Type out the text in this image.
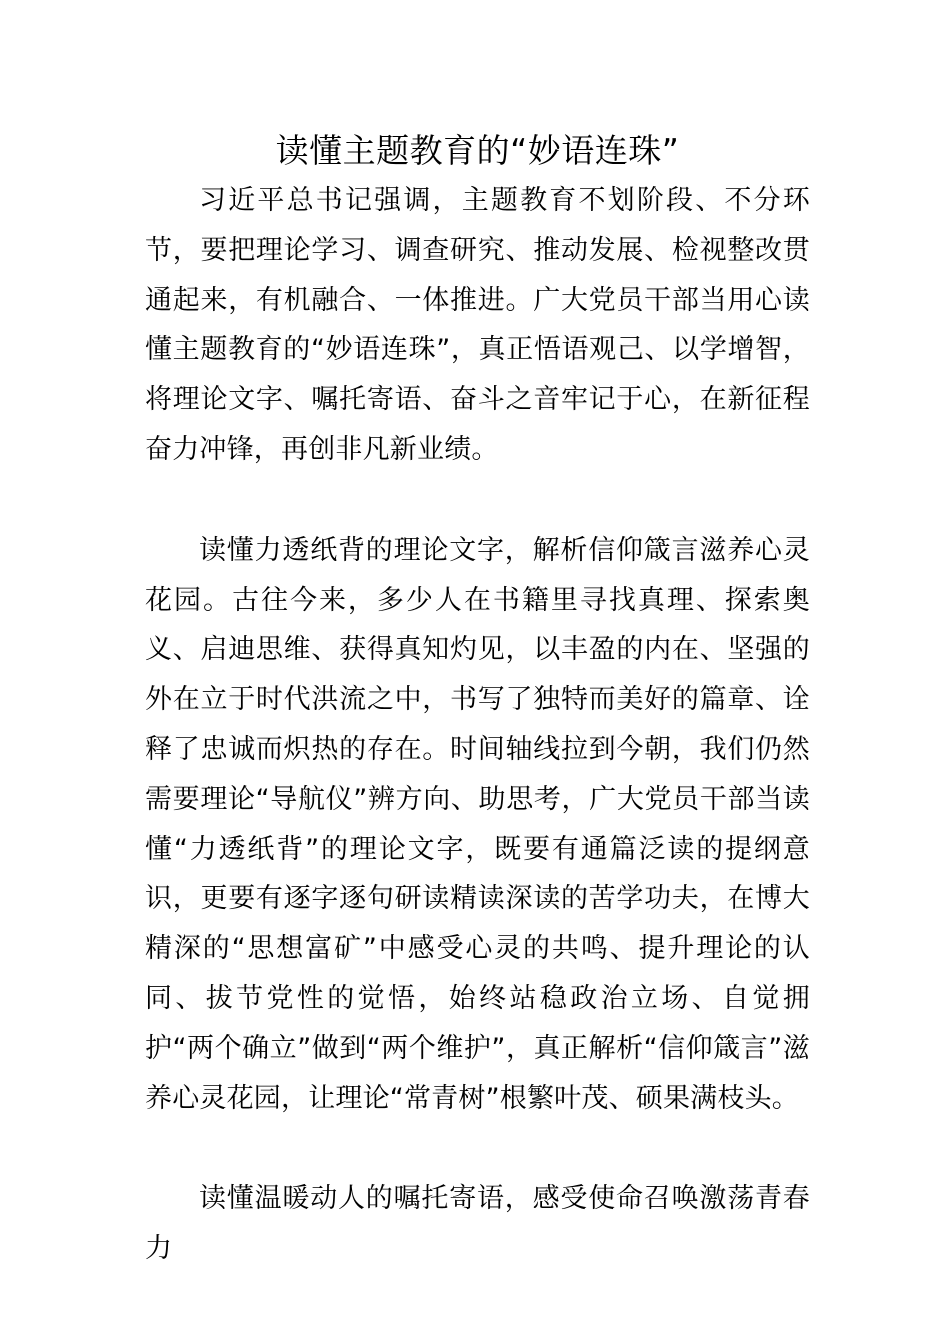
读懂主题教育的“妙语连珠”

习近平总书记强调，主题教育不划阶段、不分环节，要把理论学习、调查研究、推动发展、检视整改贯通起来，有机融合、一体推进。广大党员干部当用心读懂主题教育的“妙语连珠”，真正悟语观己、以学增智，将理论文字、嘱托寄语、奋斗之音牢记于心，在新征程奋力冲锋，再创非凡新业绩。

读懂力透纸背的理论文字，解析信仰箴言滋养心灵花园。古往今来，多少人在书籍里寻找真理、探索奥义、启迪思维、获得真知灼见，以丰盈的内在、坚强的外在立于时代洪流之中，书写了独特而美好的篇章、诠释了忠诚而炽热的存在。时间轴线拉到今朝，我们仍然需要理论“导航仪”辨方向、助思考，广大党员干部当读懂“力透纸背”的理论文字，既要有通篇泛读的提纲意识，更要有逐字逐句研读精读深读的苦学功夫，在博大精深的“思想富矿”中感受心灵的共鸣、提升理论的认同、拔节党性的觉悟，始终站稳政治立场、自觉拥护“两个确立”做到“两个维护”，真正解析“信仰箴言”滋养心灵花园，让理论“常青树”根繁叶茂、硕果满枝头。

读懂温暖动人的嘱托寄语，感受使命召唤激荡青春力
